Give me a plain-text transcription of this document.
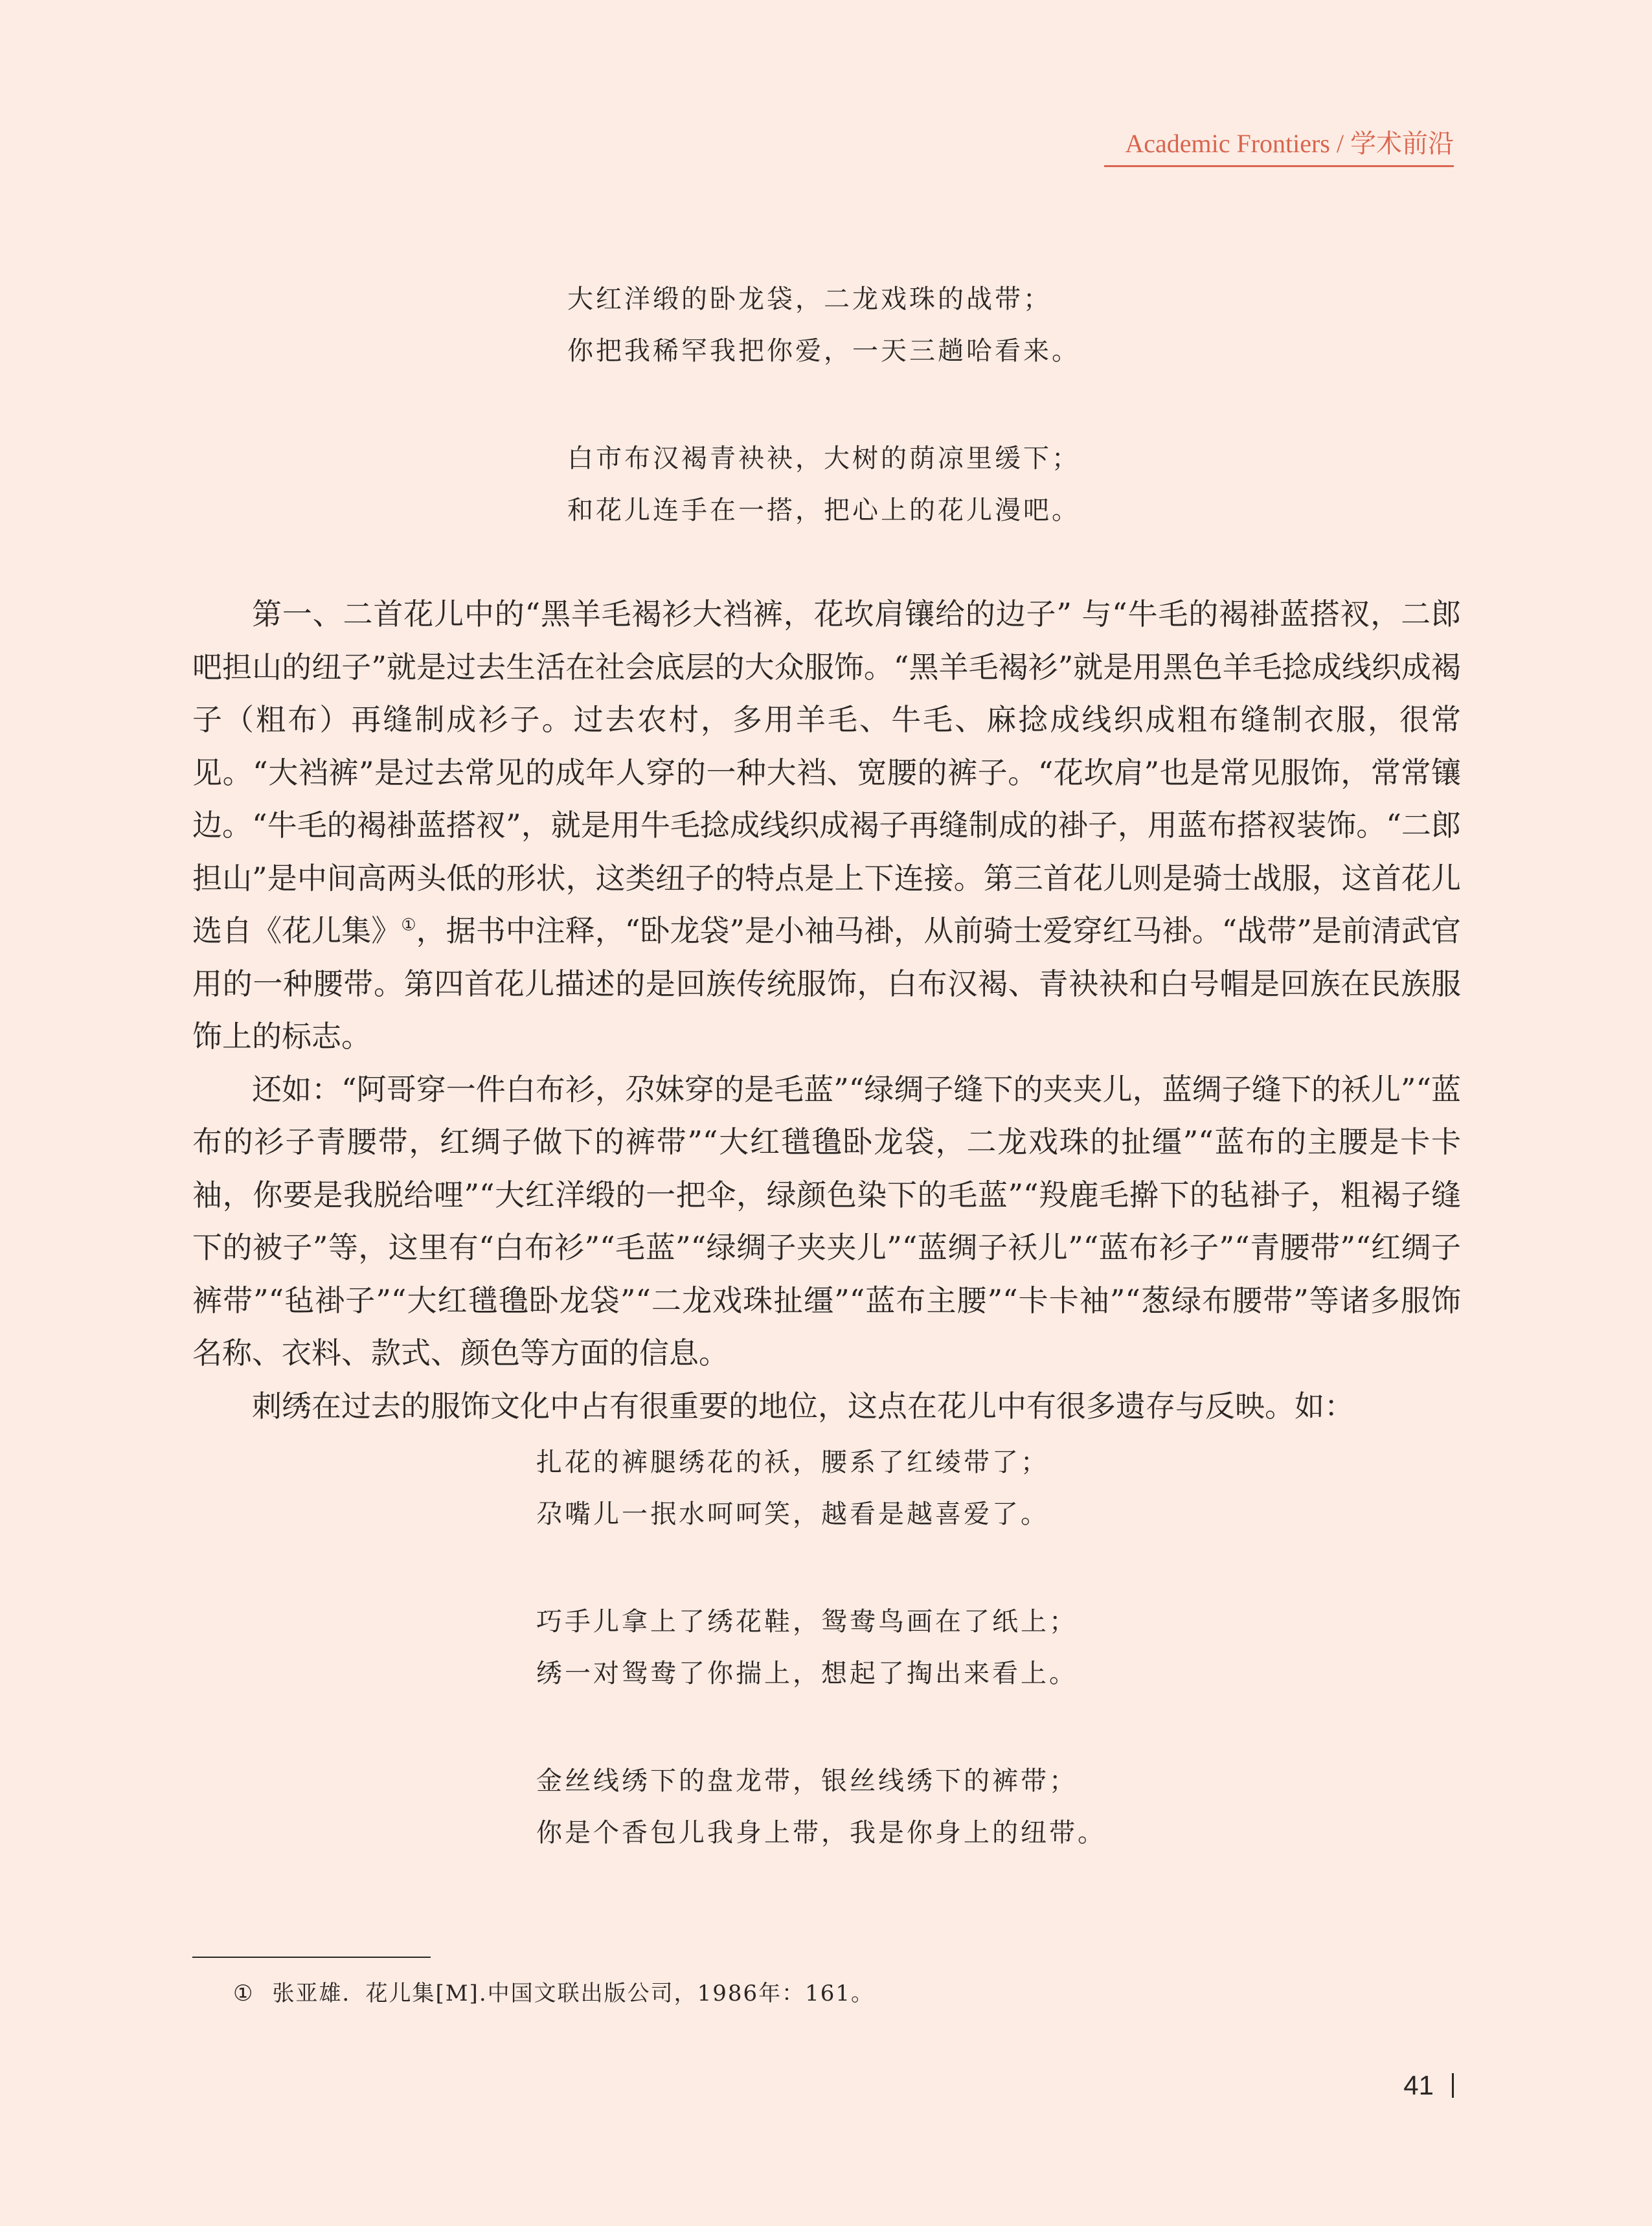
Academic Frontiers / 学术前沿

大红洋缎的卧龙袋，二龙戏珠的战带；

你把我稀罕我把你爱，一天三趟哈看来。

白市布汉褐青袂袂，大树的荫凉里缓下；

和花儿连手在一搭，把心上的花儿漫吧。

第一、二首花儿中的“黑羊毛褐衫大裆裤，花坎肩镶给的边子” 与“牛毛的褐褂蓝搭衩，二郎吧担山的纽子”就是过去生活在社会底层的大众服饰。“黑羊毛褐衫”就是用黑色羊毛捻成线织成褐子（粗布）再缝制成衫子。过去农村，多用羊毛、牛毛、麻捻成线织成粗布缝制衣服，很常见。“大裆裤”是过去常见的成年人穿的一种大裆、宽腰的裤子。“花坎肩”也是常见服饰，常常镶边。“牛毛的褐褂蓝搭衩”，就是用牛毛捻成线织成褐子再缝制成的褂子，用蓝布搭衩装饰。“二郎担山”是中间高两头低的形状，这类纽子的特点是上下连接。第三首花儿则是骑士战服，这首花儿选自《花儿集》①，据书中注释，“卧龙袋”是小袖马褂，从前骑士爱穿红马褂。“战带”是前清武官用的一种腰带。第四首花儿描述的是回族传统服饰，白布汉褐、青袂袂和白号帽是回族在民族服饰上的标志。

还如：“阿哥穿一件白布衫，尕妹穿的是毛蓝”“绿绸子缝下的夹夹儿，蓝绸子缝下的袄儿”“蓝布的衫子青腰带，红绸子做下的裤带”“大红氆氇卧龙袋，二龙戏珠的扯缰”“蓝布的主腰是卡卡袖，你要是我脱给哩”“大红洋缎的一把伞，绿颜色染下的毛蓝”“羖鹿毛擀下的毡褂子，粗褐子缝下的被子”等，这里有“白布衫”“毛蓝”“绿绸子夹夹儿”“蓝绸子袄儿”“蓝布衫子”“青腰带”“红绸子裤带”“毡褂子”“大红氆氇卧龙袋”“二龙戏珠扯缰”“蓝布主腰”“卡卡袖”“葱绿布腰带”等诸多服饰名称、衣料、款式、颜色等方面的信息。

刺绣在过去的服饰文化中占有很重要的地位，这点在花儿中有很多遗存与反映。如：

扎花的裤腿绣花的袄，腰系了红绫带了；

尕嘴儿一抿水呵呵笑，越看是越喜爱了。

巧手儿拿上了绣花鞋，鸳鸯鸟画在了纸上；

绣一对鸳鸯了你揣上，想起了掏出来看上。

金丝线绣下的盘龙带，银丝线绣下的裤带；

你是个香包儿我身上带，我是你身上的纽带。

① 张亚雄．花儿集[M].中国文联出版公司，1986年：161。
41
